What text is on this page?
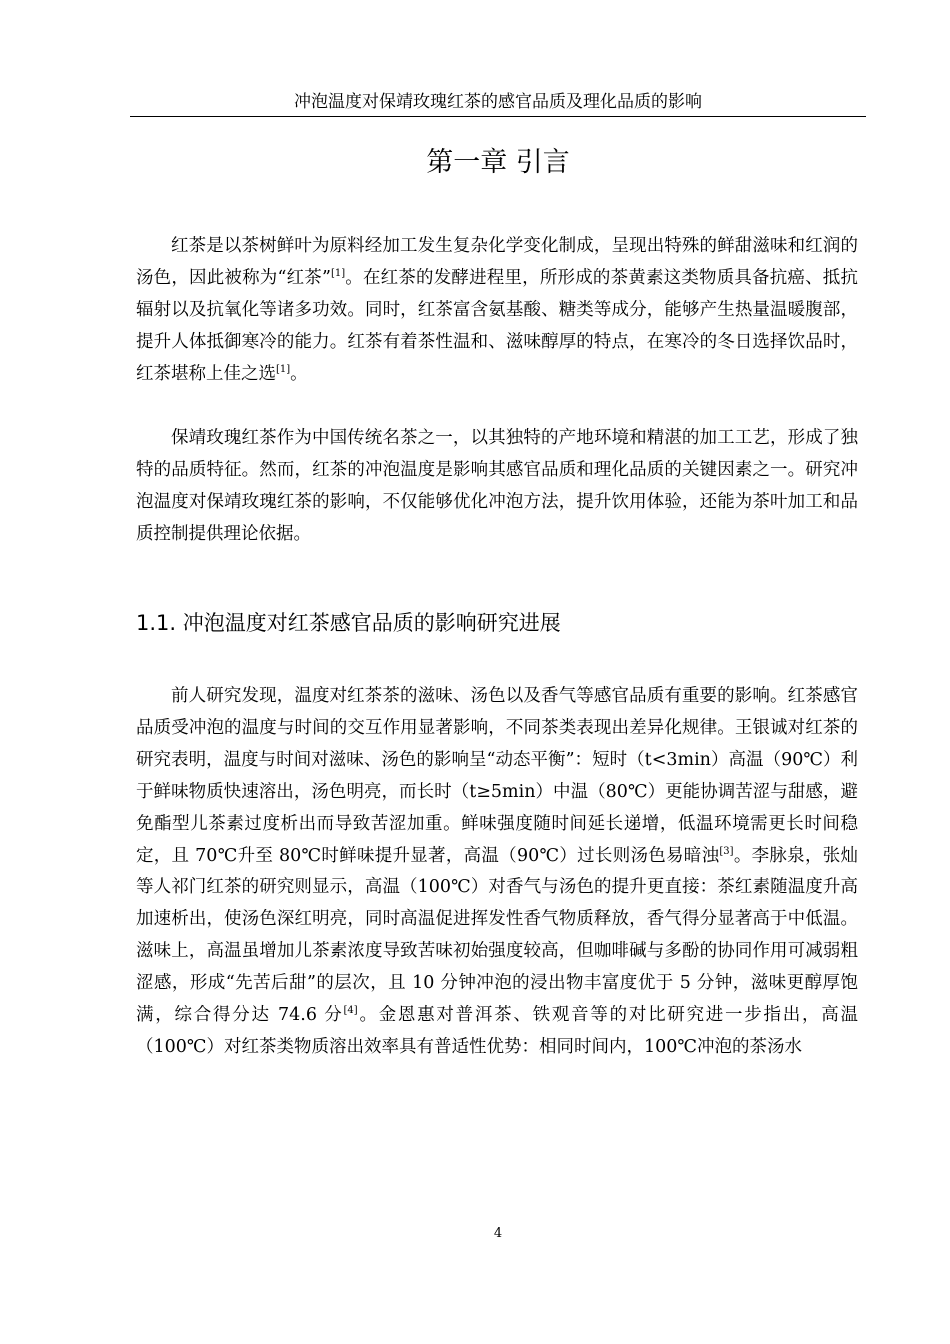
冲泡温度对保靖玫瑰红茶的感官品质及理化品质的影响
第一章 引言

红茶是以茶树鲜叶为原料经加工发生复杂化学变化制成，呈现出特殊的鲜甜滋味和红润的汤色，因此被称为“红茶”[1]。在红茶的发酵进程里，所形成的茶黄素这类物质具备抗癌、抵抗辐射以及抗氧化等诸多功效。同时，红茶富含氨基酸、糖类等成分，能够产生热量温暖腹部，提升人体抵御寒冷的能力。红茶有着茶性温和、滋味醇厚的特点，在寒冷的冬日选择饮品时，红茶堪称上佳之选[1]。

保靖玫瑰红茶作为中国传统名茶之一，以其独特的产地环境和精湛的加工工艺，形成了独特的品质特征。然而，红茶的冲泡温度是影响其感官品质和理化品质的关键因素之一。研究冲泡温度对保靖玫瑰红茶的影响，不仅能够优化冲泡方法，提升饮用体验，还能为茶叶加工和品质控制提供理论依据。

1.1. 冲泡温度对红茶感官品质的影响研究进展

前人研究发现，温度对红茶茶的滋味、汤色以及香气等感官品质有重要的影响。红茶感官品质受冲泡的温度与时间的交互作用显著影响，不同茶类表现出差异化规律。王银诚对红茶的研究表明，温度与时间对滋味、汤色的影响呈“动态平衡”：短时（t<3min）高温（90℃）利于鲜味物质快速溶出，汤色明亮，而长时（t≥5min）中温（80℃）更能协调苦涩与甜感，避免酯型儿茶素过度析出而导致苦涩加重。鲜味强度随时间延长递增，低温环境需更长时间稳定，且 70℃升至 80℃时鲜味提升显著，高温（90℃）过长则汤色易暗浊[3]。李脉泉，张灿等人祁门红茶的研究则显示，高温（100℃）对香气与汤色的提升更直接：茶红素随温度升高加速析出，使汤色深红明亮，同时高温促进挥发性香气物质释放，香气得分显著高于中低温。滋味上，高温虽增加儿茶素浓度导致苦味初始强度较高，但咖啡碱与多酚的协同作用可减弱粗涩感，形成“先苦后甜”的层次，且 10 分钟冲泡的浸出物丰富度优于 5 分钟，滋味更醇厚饱满，综合得分达 74.6 分[4]。金恩惠对普洱茶、铁观音等的对比研究进一步指出，高温（100℃）对红茶类物质溶出效率具有普适性优势：相同时间内，100℃冲泡的茶汤水

4
